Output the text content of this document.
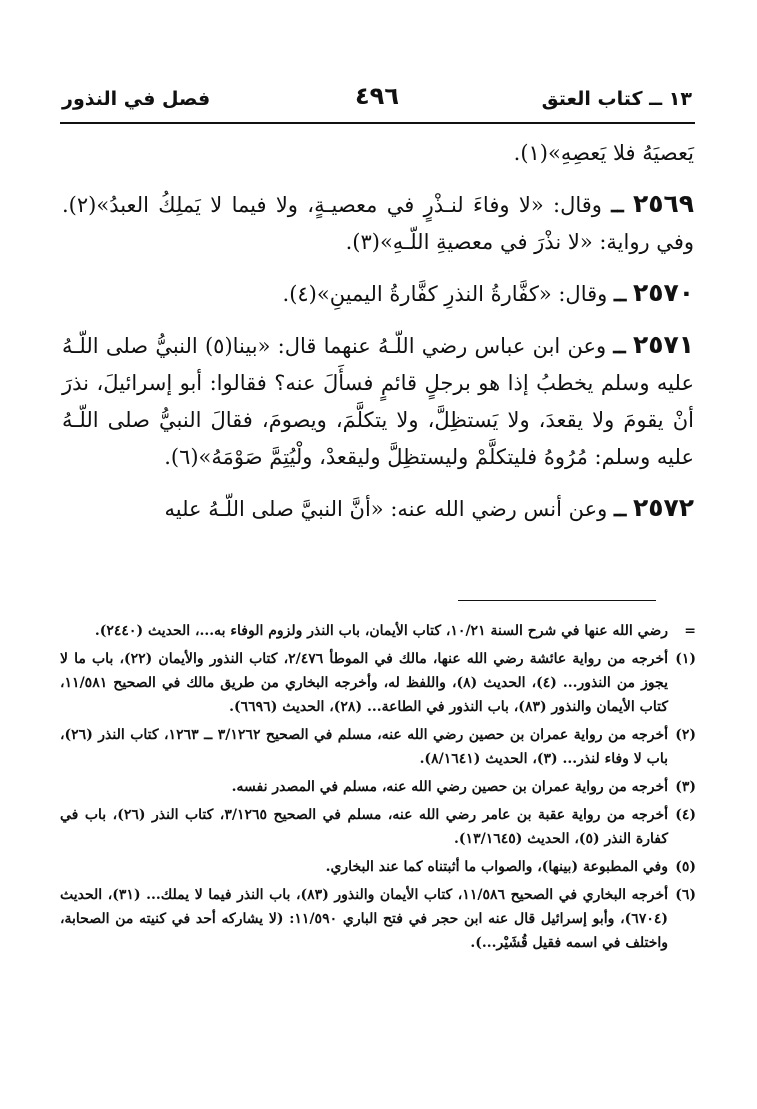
١٣ ــ كتاب العتق
٤٩٦
فصل في النذور

يَعصيَهُ فلا يَعصِهِ»(١).

٢٥٦٩ ــ وقال: «لا وفاءَ لنـذْرٍ في معصيـةٍ، ولا فيما لا يَملِكُ العبدُ»(٢). وفي رواية: «لا نذْرَ في معصيةِ اللّـهِ»(٣).

٢٥٧٠ ــ وقال: «كفَّارةُ النذرِ كفَّارةُ اليمينِ»(٤).

٢٥٧١ ــ وعن ابن عباس رضي اللّـهُ عنهما قال: «بينا(٥) النبيُّ صلى اللّـهُ عليه وسلم يخطبُ إذا هو برجلٍ قائمٍ فسأَلَ عنه؟ فقالوا: أبو إسرائيلَ، نذرَ أنْ يقومَ ولا يقعدَ، ولا يَستظِلَّ، ولا يتكلَّمَ، ويصومَ، فقالَ النبيُّ صلى اللّـهُ عليه وسلم: مُرُوهُ فليتكلَّمْ وليستظِلَّ وليقعدْ، ولْيُتِمَّ صَوْمَهُ»(٦).

٢٥٧٢ ــ وعن أنس رضي الله عنه: «أنَّ النبيَّ صلى اللّـهُ عليه

=
رضي الله عنها في شرح السنة ١٠/٢١، كتاب الأيمان، باب النذر ولزوم الوفاء به...، الحديث (٢٤٤٠).
(١)
أخرجه من رواية عائشة رضي الله عنها، مالك في الموطأ ٢/٤٧٦، كتاب النذور والأيمان (٢٢)، باب ما لا يجوز من النذور... (٤)، الحديث (٨)، واللفظ له، وأخرجه البخاري من طريق مالك في الصحيح ١١/٥٨١، كتاب الأيمان والنذور (٨٣)، باب النذور في الطاعة... (٢٨)، الحديث (٦٦٩٦).
(٢)
أخرجه من رواية عمران بن حصين رضي الله عنه، مسلم في الصحيح ٣/١٢٦٢ ــ ١٢٦٣، كتاب النذر (٢٦)، باب لا وفاء لنذر... (٣)، الحديث (٨/١٦٤١).
(٣)
أخرجه من رواية عمران بن حصين رضي الله عنه، مسلم في المصدر نفسه.
(٤)
أخرجه من رواية عقبة بن عامر رضي الله عنه، مسلم في الصحيح ٣/١٢٦٥، كتاب النذر (٢٦)، باب في كفارة النذر (٥)، الحديث (١٣/١٦٤٥).
(٥)
وفي المطبوعة (بينها)، والصواب ما أثبتناه كما عند البخاري.
(٦)
أخرجه البخاري في الصحيح ١١/٥٨٦، كتاب الأيمان والنذور (٨٣)، باب النذر فيما لا يملك... (٣١)، الحديث (٦٧٠٤)، وأبو إسرائيل قال عنه ابن حجر في فتح الباري ١١/٥٩٠: (لا يشاركه أحد في كنيته من الصحابة، واختلف في اسمه فقيل قُشَيْر...).
